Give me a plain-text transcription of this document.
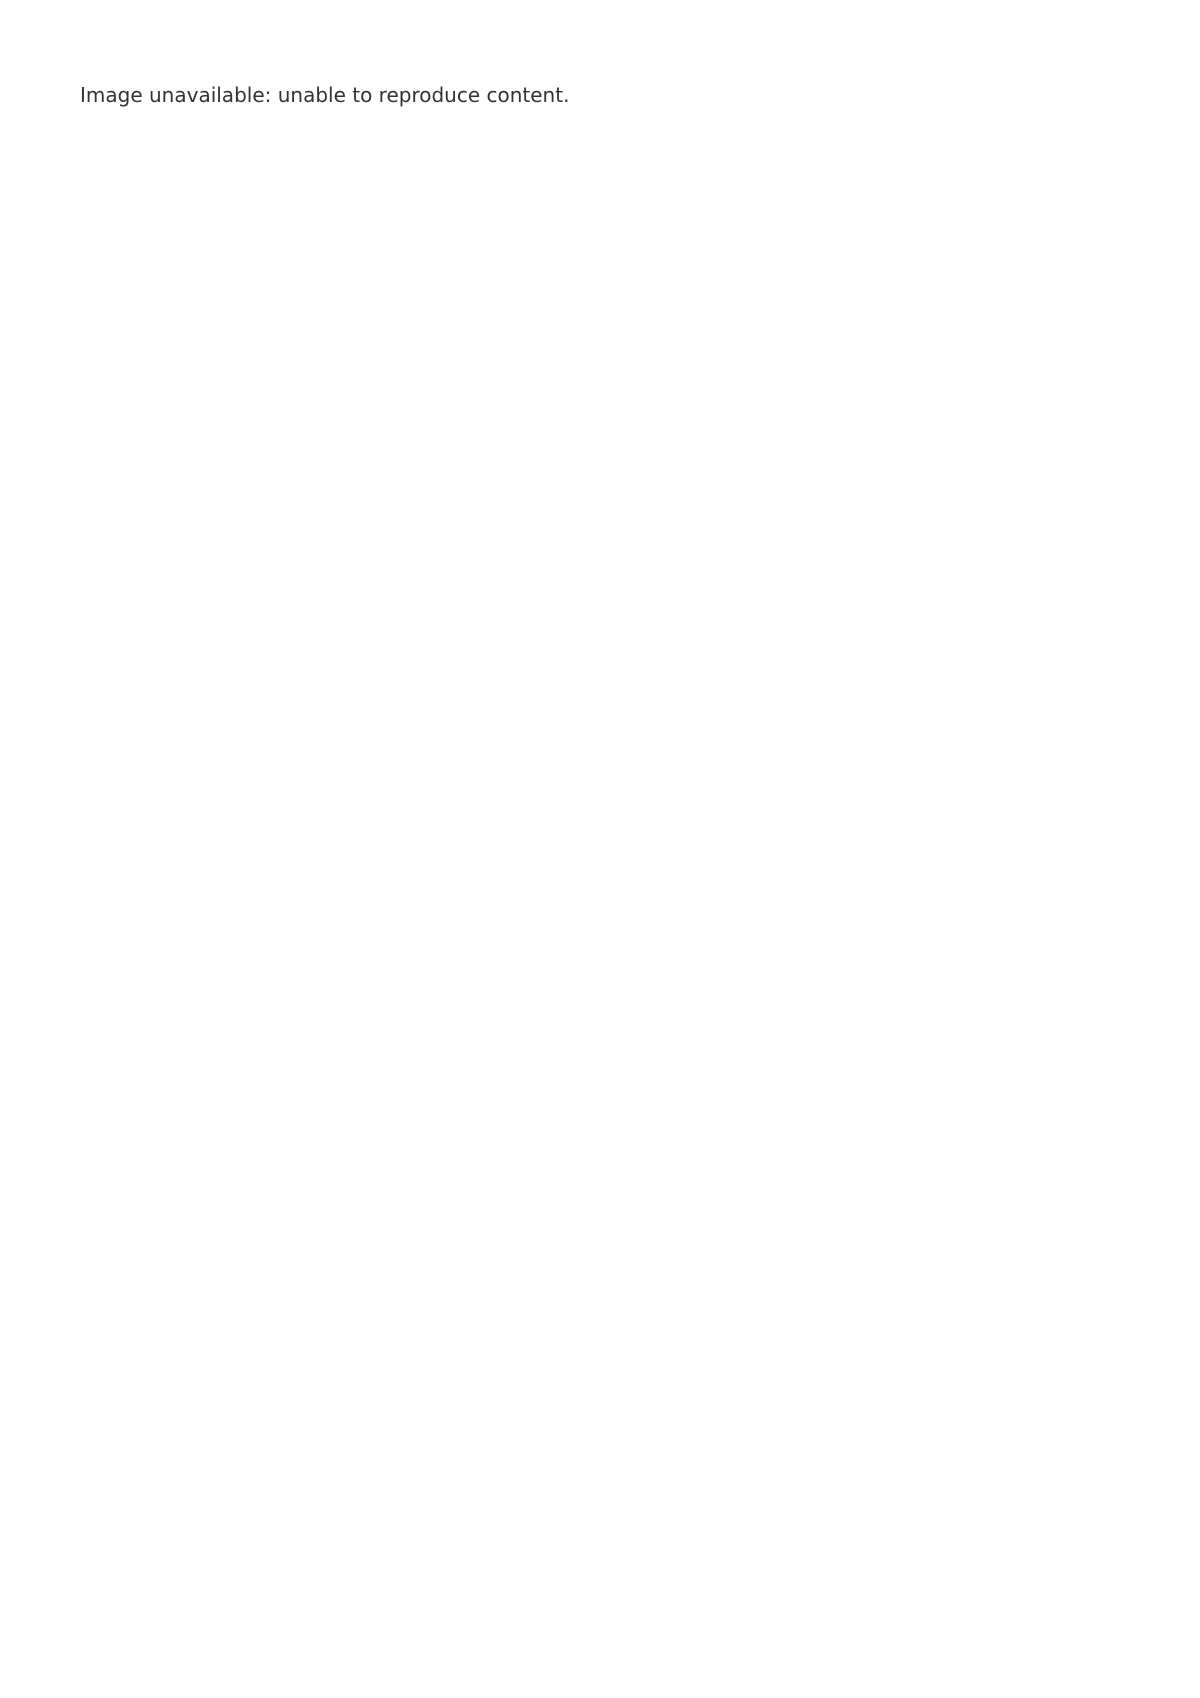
Image unavailable: unable to reproduce content.
